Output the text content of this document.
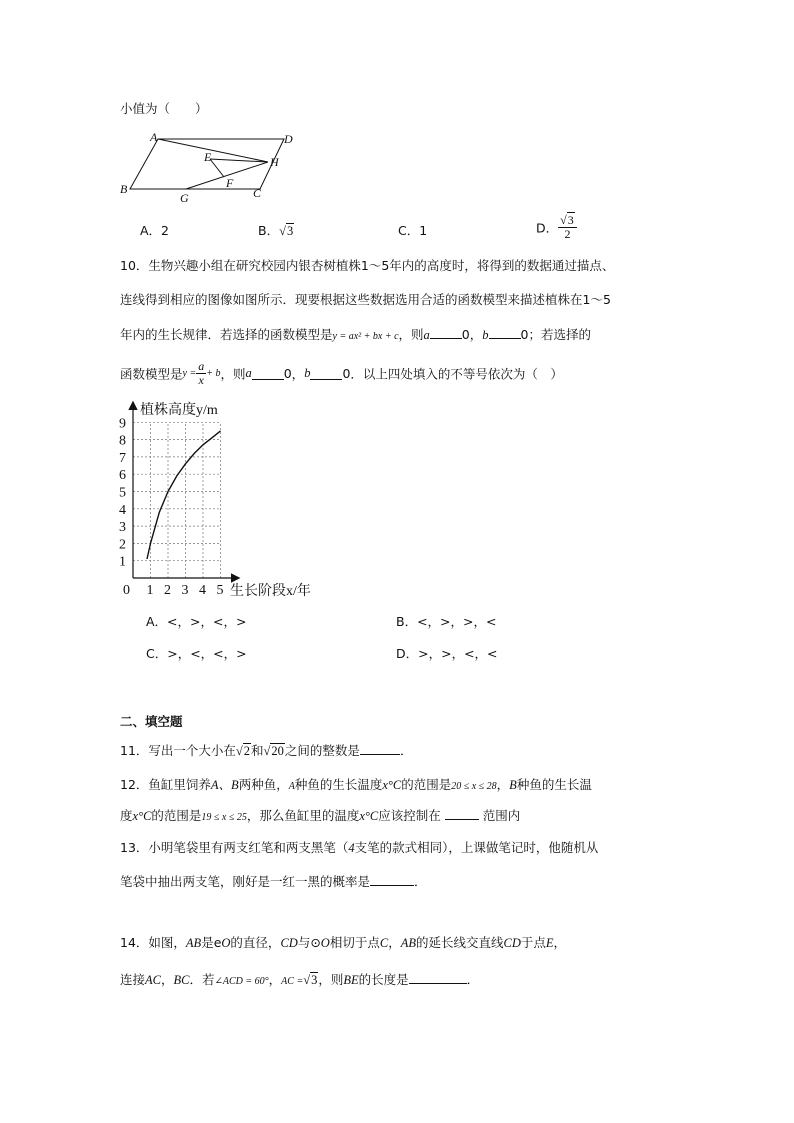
小值为（　　）
A	D
E	H
F
B	C
G
A．2	B．√3	C．1	D． $\frac{√3}{2}$
10．生物兴趣小组在研究校园内银杏树植株1～5年内的高度时，将得到的数据通过描点、
连线得到相应的图像如图所示．现要根据这些数据选用合适的函数模型来描述植株在1～5
年内的生长规律．若选择的函数模型是y = ax² + bx + c，则a	0，b	0；若选择的
函数模型是$y = \frac{a}{x} + b$，则a	0，b	0．以上四处填入的不等号依次为（　）
0 1 2 3 4 5
1
2
3
4
5
6
7
8
9
植株高度y/m
生长阶段x/年
A．<，>，<，>	B．<，>，>，<
C．>，<，<，>	D．>，>，<，<
二、填空题
11．写出一个大小在√2和√20之间的整数是	．
12．鱼缸里饲养A、B两种鱼，A种鱼的生长温度x°C的范围是20 ≤ x ≤ 28，B种鱼的生长温
度x°C的范围是19 ≤ x ≤ 25，那么鱼缸里的温度x°C应该控制在	范围内
13．小明笔袋里有两支红笔和两支黑笔（4支笔的款式相同），上课做笔记时，他随机从
笔袋中抽出两支笔，刚好是一红一黑的概率是	．
14．如图，AB是eO的直径，CD与⊙O相切于点C，AB的延长线交直线CD于点E，
连接AC，BC．若∠ACD = 60°，AC =√3，则BE的长度是	．
